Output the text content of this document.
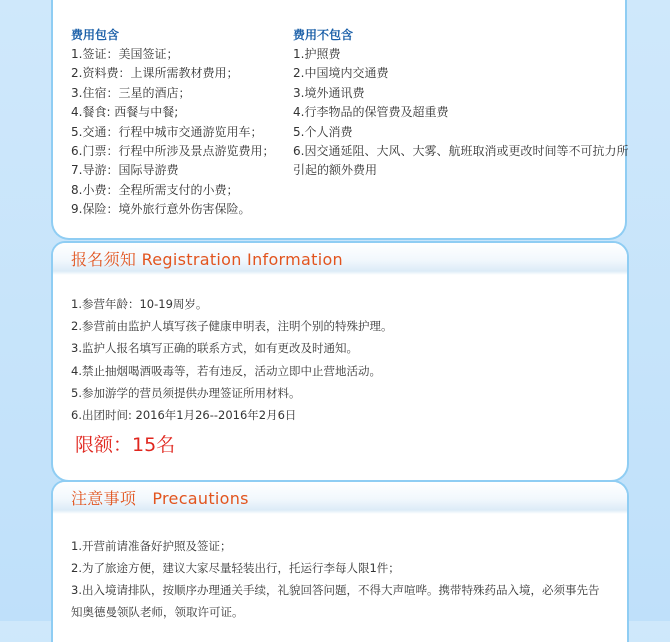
费用包含
1.签证：美国签证；
2.资料费：上课所需教材费用；
3.住宿：三星的酒店；
4.餐食: 西餐与中餐;
5.交通：行程中城市交通游览用车；
6.门票：行程中所涉及景点游览费用；
7.导游：国际导游费
8.小费：全程所需支付的小费；
9.保险：境外旅行意外伤害保险。
费用不包含
1.护照费
2.中国境内交通费
3.境外通讯费
4.行李物品的保管费及超重费
5.个人消费
6.因交通延阻、大风、大雾、航班取消或更改时间等不可抗力所
引起的额外费用
报名须知 Registration Information
1.参营年龄：10-19周岁。
2.参营前由监护人填写孩子健康申明表，注明个别的特殊护理。
3.监护人报名填写正确的联系方式，如有更改及时通知。
4.禁止抽烟喝酒吸毒等，若有违反，活动立即中止营地活动。
5.参加游学的营员须提供办理签证所用材料。
6.出团时间: 2016年1月26--2016年2月6日
限额：15名
注意事项   Precautions
1.开营前请准备好护照及签证；
2.为了旅途方便，建议大家尽量轻装出行，托运行李每人限1件；
3.出入境请排队，按顺序办理通关手续，礼貌回答问题，不得大声喧哗。携带特殊药品入境，必须事先告知奥德曼领队老师，领取许可证。
